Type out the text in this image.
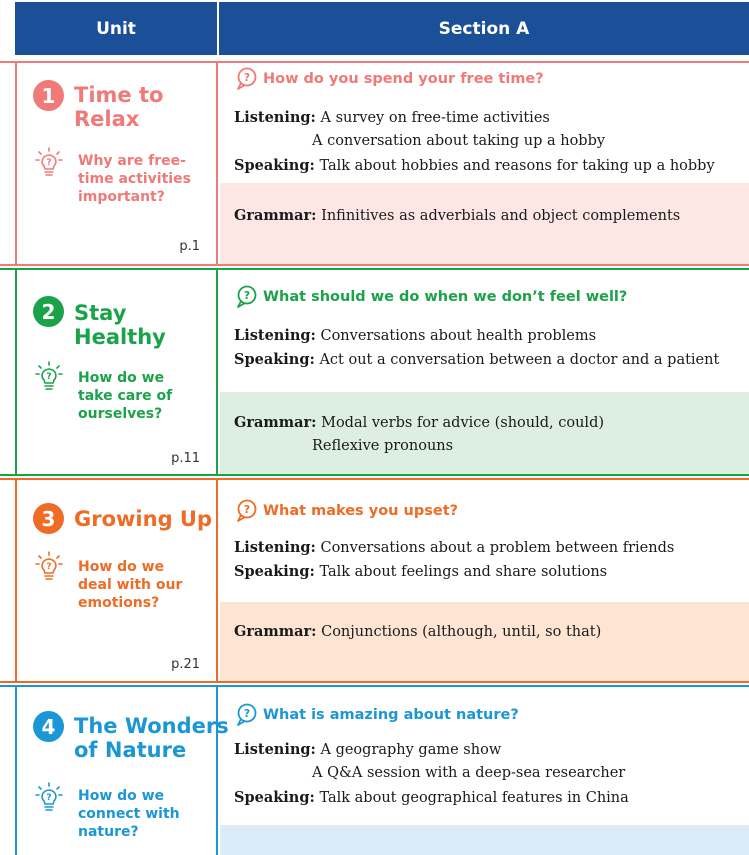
Unit	Section A
1 Time to
Relax
? Why are free-
time activities
important?
p.1
? How do you spend your free time?
Listening: A survey on free-time activities
A conversation about taking up a hobby
Speaking: Talk about hobbies and reasons for taking up a hobby
Grammar: Infinitives as adverbials and object complements
2 Stay
Healthy
? How do we
take care of
ourselves?
p.11
? What should we do when we don’t feel well?
Listening: Conversations about health problems
Speaking: Act out a conversation between a doctor and a patient
Grammar: Modal verbs for advice (should, could)
Reflexive pronouns
3 Growing Up
? How do we
deal with our
emotions?
p.21
? What makes you upset?
Listening: Conversations about a problem between friends
Speaking: Talk about feelings and share solutions
Grammar: Conjunctions (although, until, so that)
4 The Wonders
of Nature
? How do we
connect with
nature?
? What is amazing about nature?
Listening: A geography game show
A Q&A session with a deep-sea researcher
Speaking: Talk about geographical features in China
